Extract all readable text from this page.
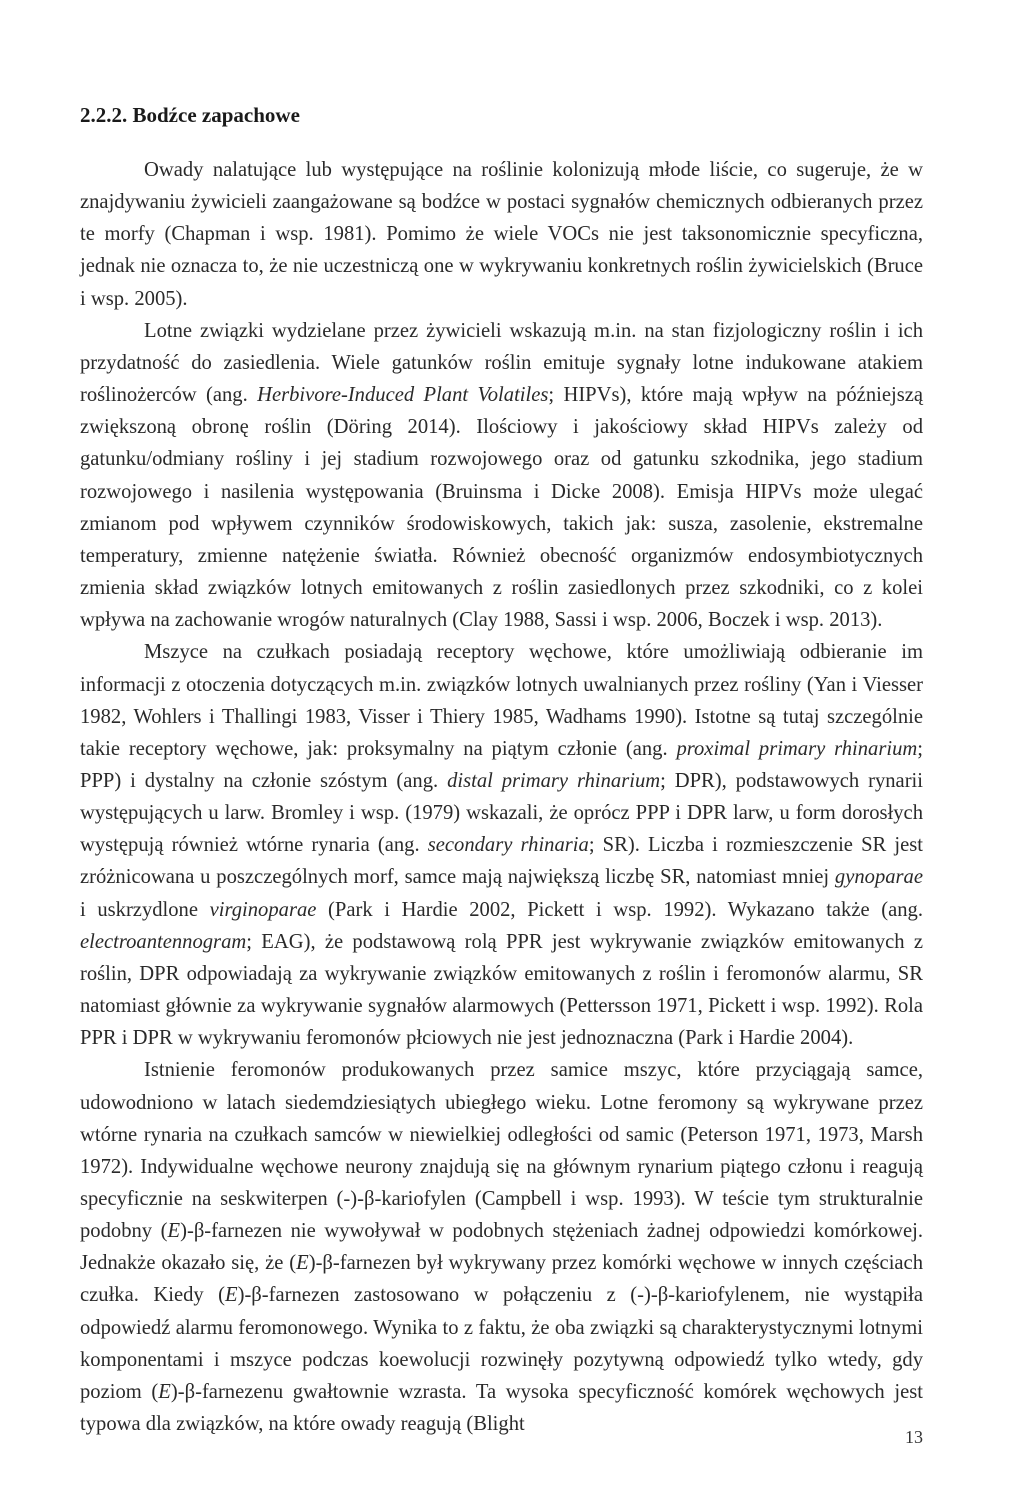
2.2.2. Bodźce zapachowe

Owady nalatujące lub występujące na roślinie kolonizują młode liście, co sugeruje, że w znajdywaniu żywicieli zaangażowane są bodźce w postaci sygnałów chemicznych odbieranych przez te morfy (Chapman i wsp. 1981). Pomimo że wiele VOCs nie jest taksonomicznie specyficzna, jednak nie oznacza to, że nie uczestniczą one w wykrywaniu konkretnych roślin żywicielskich (Bruce i wsp. 2005).

Lotne związki wydzielane przez żywicieli wskazują m.in. na stan fizjologiczny roślin i ich przydatność do zasiedlenia. Wiele gatunków roślin emituje sygnały lotne indukowane atakiem roślinożerców (ang. Herbivore-Induced Plant Volatiles; HIPVs), które mają wpływ na późniejszą zwiększoną obronę roślin (Döring 2014). Ilościowy i jakościowy skład HIPVs zależy od gatunku/odmiany rośliny i jej stadium rozwojowego oraz od gatunku szkodnika, jego stadium rozwojowego i nasilenia występowania (Bruinsma i Dicke 2008). Emisja HIPVs może ulegać zmianom pod wpływem czynników środowiskowych, takich jak: susza, zasolenie, ekstremalne temperatury, zmienne natężenie światła. Również obecność organizmów endosymbiotycznych zmienia skład związków lotnych emitowanych z roślin zasiedlonych przez szkodniki, co z kolei wpływa na zachowanie wrogów naturalnych (Clay 1988, Sassi i wsp. 2006, Boczek i wsp. 2013).

Mszyce na czułkach posiadają receptory węchowe, które umożliwiają odbieranie im informacji z otoczenia dotyczących m.in. związków lotnych uwalnianych przez rośliny (Yan i Viesser 1982, Wohlers i Thallingi 1983, Visser i Thiery 1985, Wadhams 1990). Istotne są tutaj szczególnie takie receptory węchowe, jak: proksymalny na piątym członie (ang. proximal primary rhinarium; PPP) i dystalny na członie szóstym (ang. distal primary rhinarium; DPR), podstawowych rynarii występujących u larw. Bromley i wsp. (1979) wskazali, że oprócz PPP i DPR larw, u form dorosłych występują również wtórne rynaria (ang. secondary rhinaria; SR). Liczba i rozmieszczenie SR jest zróżnicowana u poszczególnych morf, samce mają największą liczbę SR, natomiast mniej gynoparae i uskrzydlone virginoparae (Park i Hardie 2002, Pickett i wsp. 1992). Wykazano także (ang. electroantennogram; EAG), że podstawową rolą PPR jest wykrywanie związków emitowanych z roślin, DPR odpowiadają za wykrywanie związków emitowanych z roślin i feromonów alarmu, SR natomiast głównie za wykrywanie sygnałów alarmowych (Pettersson 1971, Pickett i wsp. 1992). Rola PPR i DPR w wykrywaniu feromonów płciowych nie jest jednoznaczna (Park i Hardie 2004).

Istnienie feromonów produkowanych przez samice mszyc, które przyciągają samce, udowodniono w latach siedemdziesiątych ubiegłego wieku. Lotne feromony są wykrywane przez wtórne rynaria na czułkach samców w niewielkiej odległości od samic (Peterson 1971, 1973, Marsh 1972). Indywidualne węchowe neurony znajdują się na głównym rynarium piątego członu i reagują specyficznie na seskwiterpen (-)-β-kariofylen (Campbell i wsp. 1993). W teście tym strukturalnie podobny (E)-β-farnezen nie wywoływał w podobnych stężeniach żadnej odpowiedzi komórkowej. Jednakże okazało się, że (E)-β-farnezen był wykrywany przez komórki węchowe w innych częściach czułka. Kiedy (E)-β-farnezen zastosowano w połączeniu z (-)-β-kariofylenem, nie wystąpiła odpowiedź alarmu feromonowego. Wynika to z faktu, że oba związki są charakterystycznymi lotnymi komponentami i mszyce podczas koewolucji rozwinęły pozytywną odpowiedź tylko wtedy, gdy poziom (E)-β-farnezenu gwałtownie wzrasta. Ta wysoka specyficzność komórek węchowych jest typowa dla związków, na które owady reagują (Blight

13
